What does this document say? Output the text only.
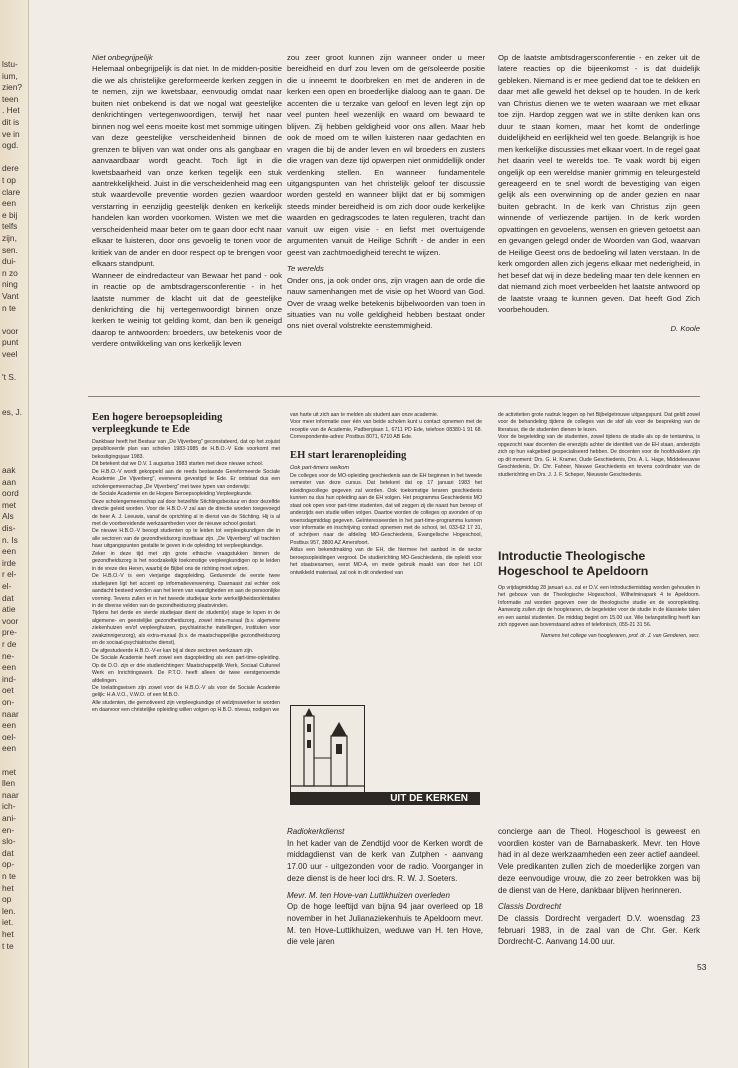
lstu-
ium,
zien?
teen
. Het
dit is
ve in
ogd.
dere
t op
clare
een
e bij
telfs
zijn,
sen.
dui-
n zo
ning
Vant
n te
voor
punt
veel
't S.
es, J.
aak
aan
oord
met
Als
dis-
n. Is
een
irde
r el-
el-
dat
atie
voor
pre-
r de
ne-
een
ind-
oet
on-
naar
een
oel-
een
met
llen
naar
ich-
ani-
en-
slo-
dat
op-
n te
het
op
len.
iet.
het
t te

Niet onbegrijpelijk

Helemaal onbegrijpelijk is dat niet. In de midden-positie die we als christelijke gereformeerde kerken zeggen in te nemen, zijn we kwetsbaar, eenvoudig omdat naar buiten niet onbekend is dat we nogal wat geestelijke denkrichtingen vertegenwoordigen, terwijl het naar binnen nog wel eens moeite kost met sommige uitingen van deze geestelijke verscheidenheid binnen de grenzen te blijven van wat onder ons als gangbaar en aanvaardbaar wordt geacht. Toch ligt in die kwetsbaarheid van onze kerken tegelijk een stuk aantrekkelijkheid. Juist in die verscheidenheid mag een stuk waardevolle preventie worden gezien waardoor verstarring in eenzijdig geestelijk denken en kerkelijk handelen kan worden voorkomen. Wisten we met die verscheidenheid maar beter om te gaan door echt naar elkaar te luisteren, door ons gevoelig te tonen voor de kritiek van de ander en door respect op te brengen voor elkaars standpunt.

Wanneer de eindredacteur van Bewaar het pand - ook in reactie op de ambtsdragersconferentie - in het laatste nummer de klacht uit dat de geestelijke denkrichting die hij vertegenwoordigt binnen onze kerken te weinig tot gelding komt, dan ben ik geneigd daarop te antwoorden: broeders, uw betekenis voor de verdere ontwikkeling van ons kerkelijk leven

zou zeer groot kunnen zijn wanneer onder u meer bereidheid en durf zou leven om de geïsoleerde positie die u inneemt te doorbreken en met de anderen in de kerken een open en broederlijke dialoog aan te gaan. De accenten die u terzake van geloof en leven legt zijn op veel punten heel wezenlijk en waard om bewaard te blijven. Zij hebben geldigheid voor ons allen. Maar heb ook de moed om te willen luisteren naar gedachten en vragen die bij de ander leven en wil broeders en zusters die vragen van deze tijd opwerpen niet onmiddellijk onder verdenking stellen. En wanneer fundamentele uitgangspunten van het christelijk geloof ter discussie worden gesteld en wanneer blijkt dat er bij sommigen steeds minder bereidheid is om zich door oude kerkelijke waarden en gedragscodes te laten reguleren, tracht dan vanuit uw eigen visie - en liefst met overtuigende argumenten vanuit de Heilige Schrift - de ander in een geest van zachtmoedigheid terecht te wijzen.

Te werelds

Onder ons, ja ook onder ons, zijn vragen aan de orde die nauw samenhangen met de visie op het Woord van God. Over de vraag welke betekenis bijbelwoorden van toen in situaties van nu volle geldigheid hebben bestaat onder ons niet overal volstrekte eenstemmigheid.

Op de laatste ambtsdragersconferentie - en zeker uit de latere reacties op die bijeenkomst - is dat duidelijk gebleken. Niemand is er mee gediend dat toe te dekken en daar met alle geweld het deksel op te houden. In de kerk van Christus dienen we te weten waaraan we met elkaar toe zijn. Hardop zeggen wat we in stilte denken kan ons duur te staan komen, maar het komt de onderlinge duidelijkheid en eerlijkheid wel ten goede. Belangrijk is hoe men kerkelijke discussies met elkaar voert. In de regel gaat het daarin veel te werelds toe. Te vaak wordt bij eigen ongelijk op een wereldse manier grimmig en teleurgesteld gereageerd en te snel wordt de bevestiging van eigen gelijk als een overwinning op de ander gezien en naar buiten gebracht. In de kerk van Christus zijn geen winnende of verliezende partijen. In de kerk worden opvattingen en gevoelens, wensen en grieven getoetst aan en gevangen gelegd onder de Woorden van God, waarvan de Heilige Geest ons de bedoeling wil laten verstaan. In de kerk omgorden allen zich jegens elkaar met nederigheid, in het besef dat wij in deze bedeling maar ten dele kennen en dat niemand zich moet verbeelden het laatste antwoord op de laatste vraag te kunnen geven. Dat heeft God Zich voorbehouden.

D. Koole

Een hogere beroepsopleiding verpleegkunde te Ede
Dankbaar heeft het Bestuur van „De Vijverberg" geconstateerd, dat op het zojuist gepubliceerde plan van scholen 1983-1985 de H.B.O.-V Ede voorkomt met bekostigingsjaar 1983.
Dit betekent dat we D.V. 1 augustus 1983 starten met deze nieuwe school.
De H.B.O.-V wordt gekoppeld aan de reeds bestaande Gereformeerde Sociale Academie „De Vijverberg", eveneens gevestigd te Ede. Er ontstaat dus een scholengemeenschap „De Vijverberg" met twee typen van onderwijs:
de Sociale Academie en de Hogere Beroepsopleiding Verpleegkunde.
Deze scholengemeenschap zal door hetzelfde Stichtingsbestuur en door dezelfde directie geleid worden. Voor de H.B.O.-V zal aan de directie worden toegevoegd de heer A. J. Leeuwis, vanaf de oprichting al in dienst van de Stichting. Hij is al met de voorbereidende werkzaamheden voor de nieuwe school gestart.
De nieuwe H.B.O.-V beoogt studenten op te leiden tot verpleegkundigen die in alle sectoren van de gezondheidszorg inzetbaar zijn. „De Vijverberg" wil trachten haar uitgangspunten gestalte te geven in de opleiding tot verpleegkundige.
Zeker in deze tijd met zijn grote ethische vraagstukken binnen de gezondheidszorg is het noodzakelijk toekomstige verpleegkundigen op te leiden in de vreze des Heren, waarbij de Bijbel ons de richting moet wijzen.
De H.B.O.-V is een vierjarige dagopleiding. Gedurende de eerste twee studiejaren ligt het accent op informatieverwerving. Daarnaast zal echter ook aandacht besteed worden aan het leren van vaardigheden en aan de persoonlijke vorming. Tevens zullen er in het tweede studiejaar korte werkelijkheidsoriëntaties in de diverse velden van de gezondheidszorg plaatsvinden.
Tijdens het derde en vierde studiejaar dient de student(e) stage te lopen in de algemene- en geestelijke gezondheidszorg, zowel intra-muraal (b.v. algemene ziekenhuizen en/of verpleeghuizen, psychiatrische instellingen, instituten voor zwakzinnigenzorg), als extra-muraal (b.v. de maatschappelijke gezondheidszorg en de sociaal-psychiatrische dienst).
De afgestudeerde H.B.O.-V-er kan bij al deze sectoren werkzaam zijn.
De Sociale Academie heeft zowel een dagopleiding als een part-time-opleiding. Op de D.O. zijn er drie studierichtingen: Maatschappelijk Werk, Sociaal Cultureel Werk en Inrichtingswerk. De P.T.O. heeft alleen de twee eerstgenoemde afdelingen.
De toelatingseisen zijn zowel voor de H.B.O.-V als voor de Sociale Academie gelijk: H.A.V.O., V.W.O. of een M.B.O.
Alle studenten, die gemotiveerd zijn verpleegkundige of welzijnswerker te worden en daarvoor een christelijke opleiding willen volgen op H.B.O. niveau, nodigen we
van harte uit zich aan te melden als student aan onze academie.
Voor meer informatie over één van beide scholen kunt u contact opnemen met de receptie van de Academie, Padbergiaan 1, 6711 PD Ede, telefoon 08380-1 91 68. Correspondentie-adres: Postbus 8071, 6710 AB Ede.
EH start lerarenopleiding
Ook part-timers welkom
De colleges voor de MO-opleiding geschiedenis aan de EH beginnen in het tweede semester van deze cursus. Dat betekent dat op 17 januari 1983 het inleidingscollege gegeven zal worden. Ook toekomstige leraren geschiedenis kunnen nu dus hun opleiding aan de EH volgen. Het programma Geschiedenis MO staat ook open voor part-time studenten, dat wil zeggen zij die naast hun beroep of anderzijds een studie willen volgen. Daartoe worden de colleges op avonden of op woensdagmiddag gegeven. Geïnteresseerden in het part-time-programma kunnen voor informatie en inschrijving contact opnemen met de school, tel. 033-62 17 31, of schrijven naar de afdeling MO-Geschiedenis, Evangelische Hogeschool, Postbus 957, 3800 AZ Amersfoort.
Aldus een bekendmaking van de EH, die hiermee het aanbod in de sector beroepsopleidingen vergroot. De studierichting MO-Geschiedenis, die opleidt voor het staatsexamen, eerst MO-A, en mede gebruik maakt van door het LOI ontwikkeld materiaal, zal ook in dit onderdeel van
de activiteiten grote nadruk leggen op het Bijbelgetrouwe uitgangspunt. Dat geldt zowel voor de behandeling tijdens de colleges van de stof als voor de bespreking van de literatuur, die de studenten dienen te lezen.
Voor de begeleiding van de studenten, zowel tijdens de studie als op de tentamina, is opgezocht naar docenten die enerzijds achter de identiteit van de EH staan, anderzijds zich op hun vakgebied gespecialiseerd hebben. De docenten voor de hoofdvakken zijn op dit moment: Drs. G. H. Kramer, Oude Geschiedenis, Drs. A. L. Hage, Middeleeuwse Geschiedenis, Dr. Chr. Fahner, Nieuwe Geschiedenis en tevens coördinator van de studierichting en Drs. J. J. F. Scheper, Nieuwste Geschiedenis.
Introductie Theologische Hogeschool te Apeldoorn
Op vrijdagmiddag 28 januari a.s. zal er D.V. een introductiemiddag worden gehouden in het gebouw van de Theologische Hogeschool, Wilhelminapark 4 te Apeldoorn. Informatie zal worden gegeven over de theologische studie en de vooropleiding. Aanwezig zullen zijn de hoogleraren, de begeleider voor de studie in de klassieke talen en een aantal studenten. De middag begint om 15.00 uur. Wie belangstelling heeft kan zich opgeven aan bovenstaand adres of telefonisch, 055-21 31 56.
Namens het college van hoogleraren, prof. dr. J. van Genderen, secr.
UIT DE KERKEN

Radiokerkdienst

In het kader van de Zendtijd voor de Kerken wordt de middagdienst van de kerk van Zutphen - aanvang 17.00 uur - uitgezonden voor de radio. Voorganger in deze dienst is de heer loci drs. R. W. J. Soeters.

Mevr. M. ten Hove-van Luttikhuizen overleden

Op de hoge leeftijd van bijna 94 jaar overleed op 18 november in het Julianaziekenhuis te Apeldoorn mevr. M. ten Hove-Luttikhuizen, weduwe van H. ten Hove, die vele jaren

concierge aan de Theol. Hogeschool is geweest en voordien koster van de Barnabaskerk. Mevr. ten Hove had in al deze werkzaamheden een zeer actief aandeel. Vele predikanten zullen zich de moederlijke zorgen van deze eenvoudige vrouw, die zo zeer betrokken was bij de dienst van de Here, dankbaar blijven herinneren.

Classis Dordrecht

De classis Dordrecht vergadert D.V. woensdag 23 februari 1983, in de zaal van de Chr. Ger. Kerk Dordrecht-C. Aanvang 14.00 uur.

53
